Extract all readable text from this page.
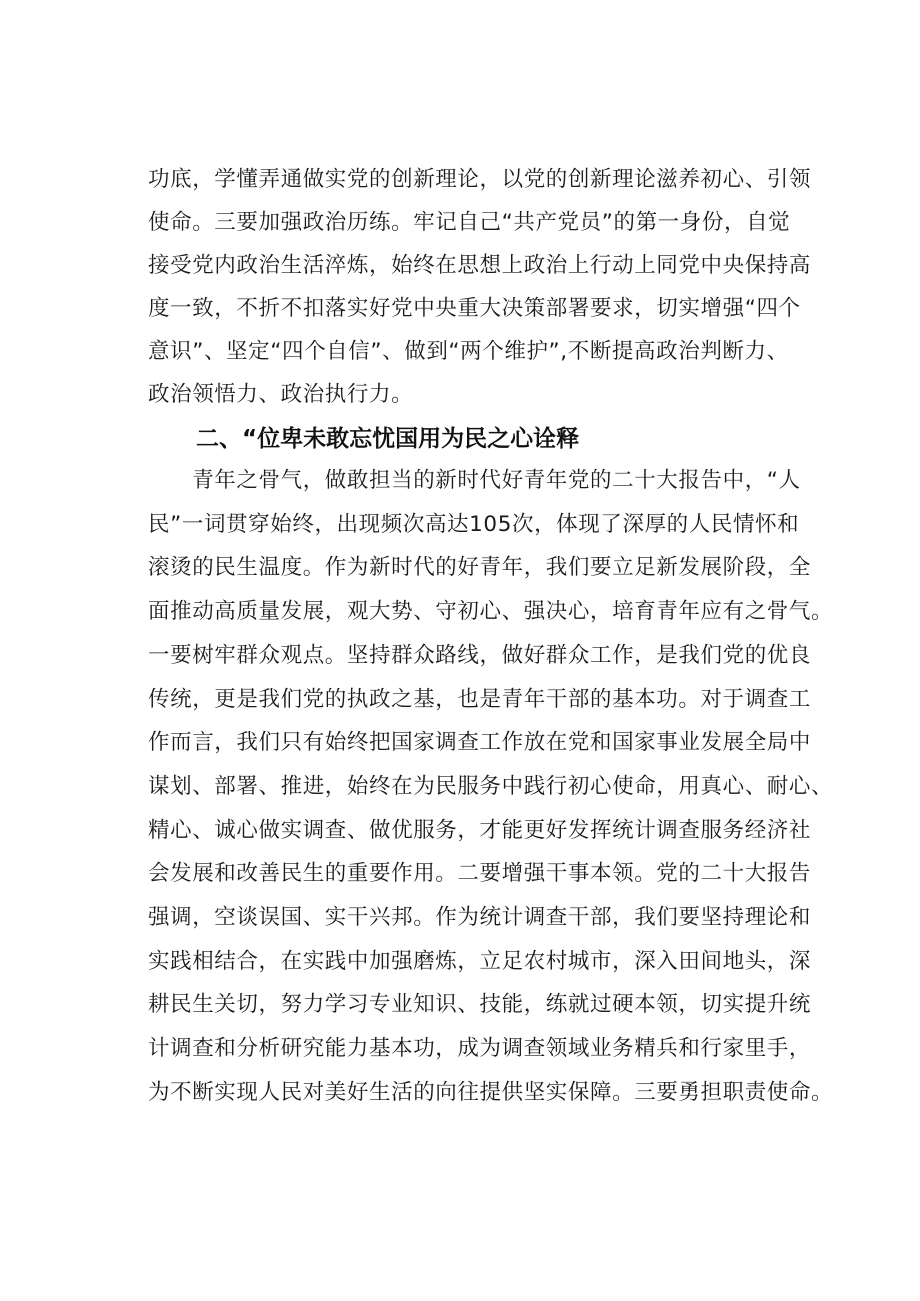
功底，学懂弄通做实党的创新理论，以党的创新理论滋养初心、引领
使命。三要加强政治历练。牢记自己“共产党员”的第一身份，自觉
接受党内政治生活淬炼，始终在思想上政治上行动上同党中央保持高
度一致，不折不扣落实好党中央重大决策部署要求，切实增强“四个
意识”、坚定“四个自信”、做到“两个维护”,不断提高政治判断力、
政治领悟力、政治执行力。
二、“位卑未敢忘忧国用为民之心诠释
　　青年之骨气，做敢担当的新时代好青年党的二十大报告中，“人
民”一词贯穿始终，出现频次高达105次，体现了深厚的人民情怀和
滚烫的民生温度。作为新时代的好青年，我们要立足新发展阶段，全
面推动高质量发展，观大势、守初心、强决心，培育青年应有之骨气。
一要树牢群众观点。坚持群众路线，做好群众工作，是我们党的优良
传统，更是我们党的执政之基，也是青年干部的基本功。对于调查工
作而言，我们只有始终把国家调查工作放在党和国家事业发展全局中
谋划、部署、推进，始终在为民服务中践行初心使命，用真心、耐心、
精心、诚心做实调查、做优服务，才能更好发挥统计调查服务经济社
会发展和改善民生的重要作用。二要增强干事本领。党的二十大报告
强调，空谈误国、实干兴邦。作为统计调查干部，我们要坚持理论和
实践相结合，在实践中加强磨炼，立足农村城市，深入田间地头，深
耕民生关切，努力学习专业知识、技能，练就过硬本领，切实提升统
计调查和分析研究能力基本功，成为调查领域业务精兵和行家里手，
为不断实现人民对美好生活的向往提供坚实保障。三要勇担职责使命。
